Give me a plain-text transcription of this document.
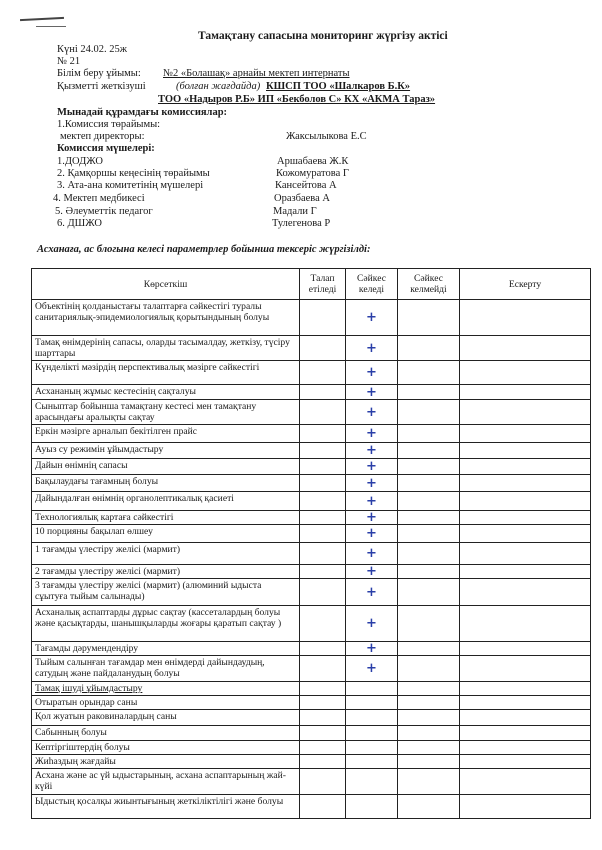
Тамақтану сапасына мониторинг жүргізу актісі
Күні 24.02. 25ж
№ 21
Білім беру ұйымы: №2 «Болашақ» арнайы мектеп интернаты
Қызметті жеткізуші	(болған жағдайда) КШСП ТОО «Шалкаров Б.К»
ТОО «Надыров Р.Б» ИП «Бекболов С» КХ «АКМА Тараз»
Мынадай құрамдағы комиссиялар:
1.Комиссия төрайымы:
мектеп директоры:	Жаксылыкова Е.С
Комиссия мүшелері:
1.ДОДЖО	Аршабаева Ж.К
2. Қамқоршы кеңесінің төрайымы	Кожомуратова Г
3. Ата-ана комитетінің мүшелері	Кансейтова А
4. Мектеп медбикесі	Оразбаева А
5. Әлеуметтік педагог	Мадали Г
6. ДШЖО	Тулегенова Р
Асханаға, ас блогына келесі параметрлер бойынша тексеріс жүргізілді:
Көрсеткіш	Талап етіледі	Сәйкес келеді	Сәйкес келмейді	Ескерту
Объектінің қолданыстағы талаптарға сәйкестігі туралы санитариялық-эпидемиологиялық қорытындының болуы		+		
Тамақ өнімдерінің сапасы, оларды тасымалдау, жеткізу, түсіру шарттары		+		
Күнделікті мәзірдің перспективалық мәзірге сәйкестігі		+		
Асхананың жұмыс кестесінің сақталуы		+		
Сыныптар бойынша тамақтану кестесі мен тамақтану арасындағы аралықты сақтау		+		
Еркін мәзірге арналып бекітілген прайс		+		
Ауыз су режимін ұйымдастыру		+		
Дайын өнімнің сапасы		+		
Бақылаудағы тағамның болуы		+		
Дайындалған өнімнің органолептикалық қасиеті		+		
Технологиялық картаға сәйкестігі		+		
10 порцияны бақылап өлшеу		+		
1 тағамды үлестіру желісі (мармит)		+		
2 тағамды үлестіру желісі (мармит)		+		
3 тағамды үлестіру желісі (мармит) (алюминий ыдыста сұытуға тыйым салынады)		+		
Асханалық аспаптарды дұрыс сақтау (кассеталардың болуы және қасықтарды, шанышқыларды жоғары қаратып сақтау )		+		
Тағамды дәрумендендіру		+		
Тыйым салынған тағамдар мен өнімдерді дайындаудың, сатудың және пайдаланудың болуы		+		
Тамақ ішуді ұйымдастыру				
Отыратын орындар саны				
Қол жуатын раковиналардың саны				
Сабынның болуы				
Кептіргіштердің болуы				
Жиһаздың жағдайы				
Асхана және ас үй ыдыстарының, асхана аспаптарының жай-күйі				
Ыдыстың қосалқы жиынтығының жеткіліктілігі және болуы				
